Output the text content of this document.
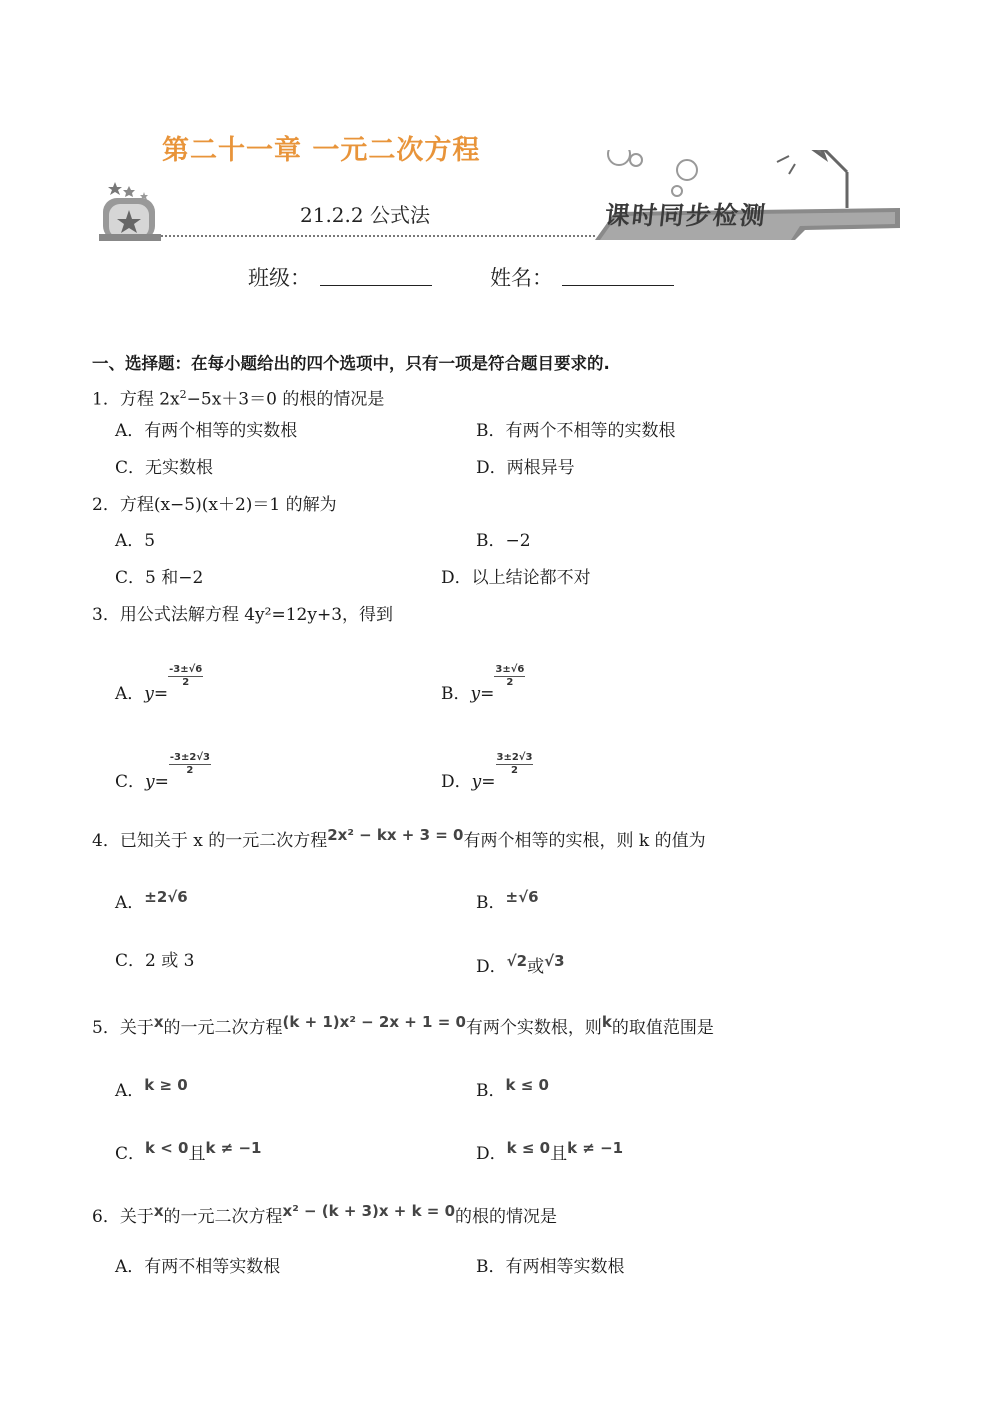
第二十一章 一元二次方程
21.2.2 公式法	课时同步检测
班级：	姓名：
一、选择题：在每小题给出的四个选项中，只有一项是符合题目要求的.
1．方程 $2x^2-5x+3=0$ 的根的情况是
A．有两个相等的实数根	B．有两个不相等的实数根
C．无实数根	D．两根异号
2．方程(x−5)(x＋2)＝1 的解为
A．5	B．−2
C．5 和−2	D．以上结论都不对
3．用公式法解方程 4y²=12y+3，得到
A．y=
$\frac{-3\pm√6}{2}$
B．y=
$\frac{3\pm√6}{2}$
C．y=
$\frac{-3\pm 2√3}{2}$
D．y=
$\frac{3\pm 2√3}{2}$
4．已知关于 x 的一元二次方程2x² − kx + 3 = 0有两个相等的实根，则 k 的值为
A．±2√6	B．±√6
C．2 或 3	D．√2或√3
5．关于x的一元二次方程(k + 1)x² − 2x + 1 = 0有两个实数根，则k的取值范围是
A．k ≥ 0	B．k ≤ 0
C．k < 0且k ≠ −1	D．k ≤ 0且k ≠ −1
6．关于x的一元二次方程x² − (k + 3)x + k = 0的根的情况是
A．有两不相等实数根	B．有两相等实数根
